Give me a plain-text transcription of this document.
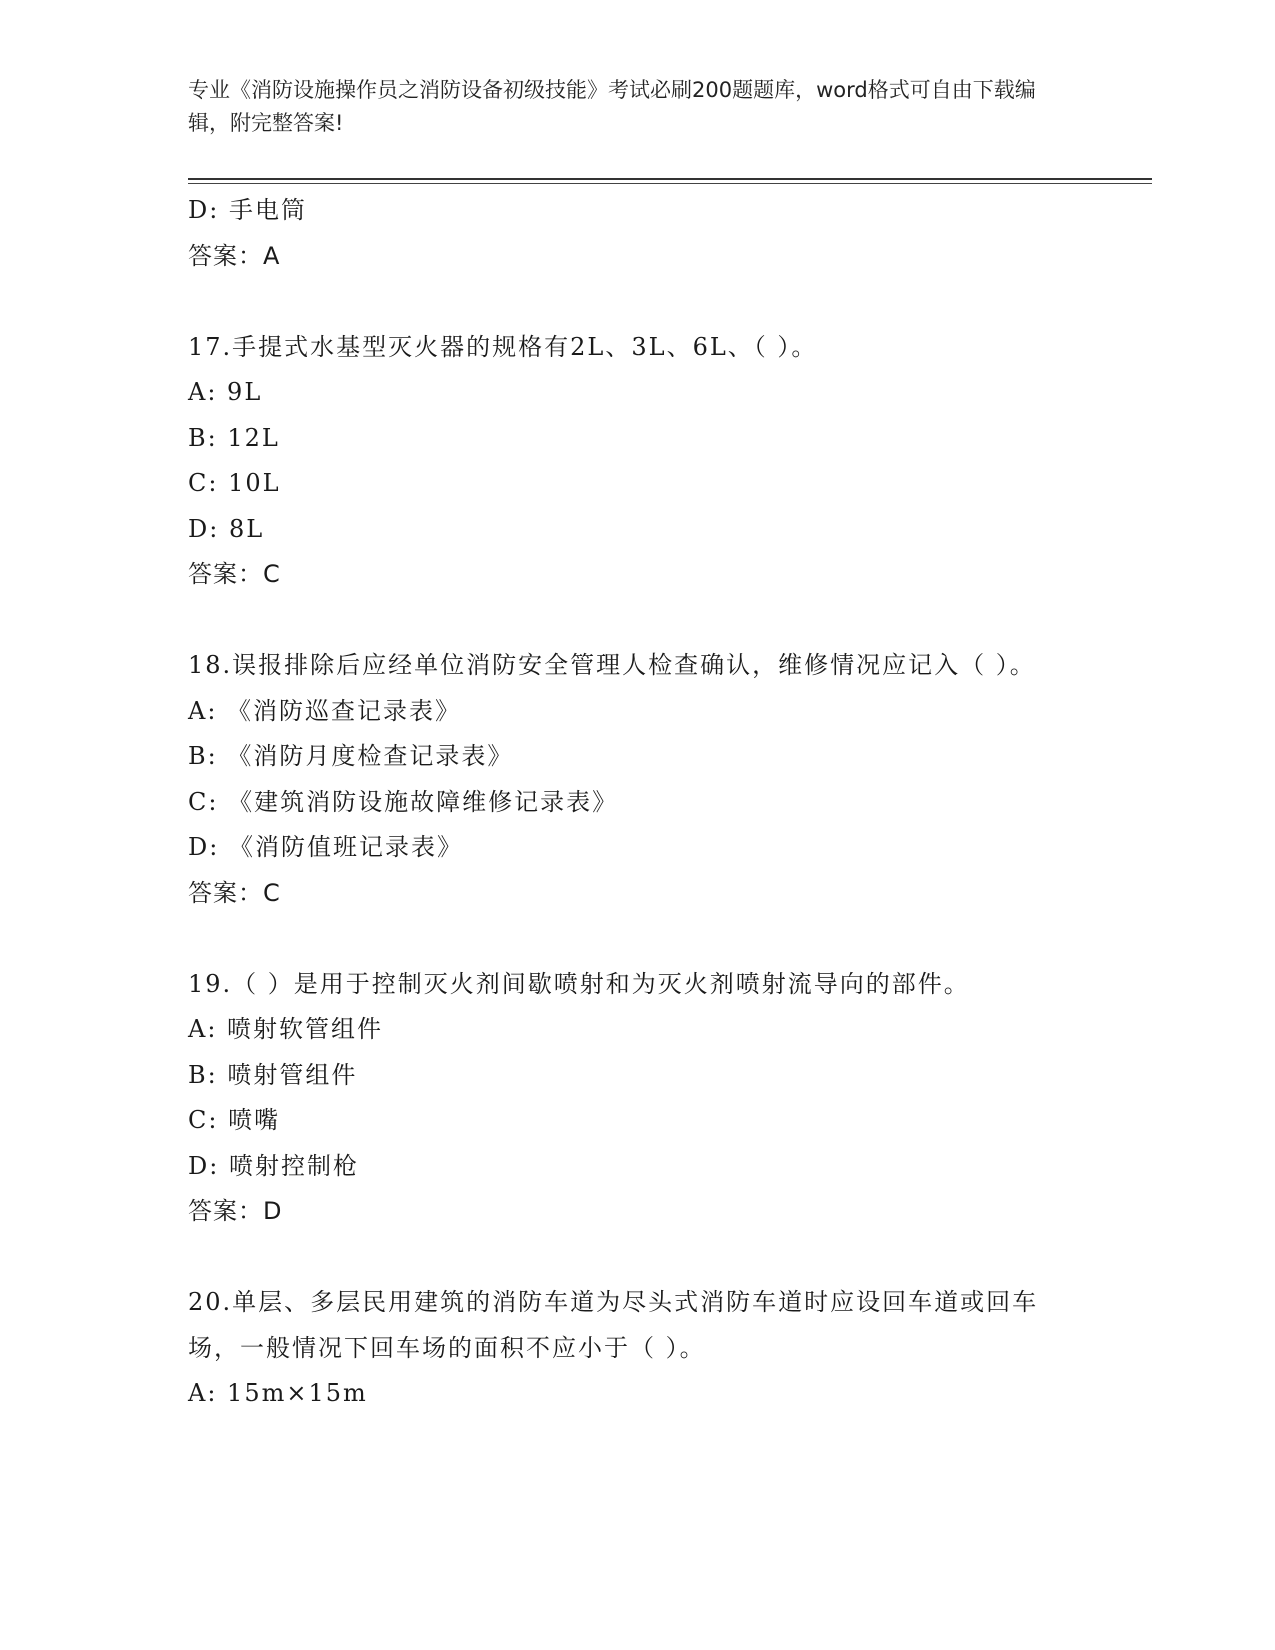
专业《消防设施操作员之消防设备初级技能》考试必刷200题题库，word格式可自由下载编辑，附完整答案!
D: 手电筒
答案：A
17.手提式水基型灭火器的规格有2L、3L、6L、（ ）。
A: 9L
B: 12L
C: 10L
D: 8L
答案：C
18.误报排除后应经单位消防安全管理人检查确认，维修情况应记入（ ）。
A: 《消防巡查记录表》
B: 《消防月度检查记录表》
C: 《建筑消防设施故障维修记录表》
D: 《消防值班记录表》
答案：C
19.（ ）是用于控制灭火剂间歇喷射和为灭火剂喷射流导向的部件。
A: 喷射软管组件
B: 喷射管组件
C: 喷嘴
D: 喷射控制枪
答案：D
20.单层、多层民用建筑的消防车道为尽头式消防车道时应设回车道或回车场，一般情况下回车场的面积不应小于（ ）。
A: 15m×15m
